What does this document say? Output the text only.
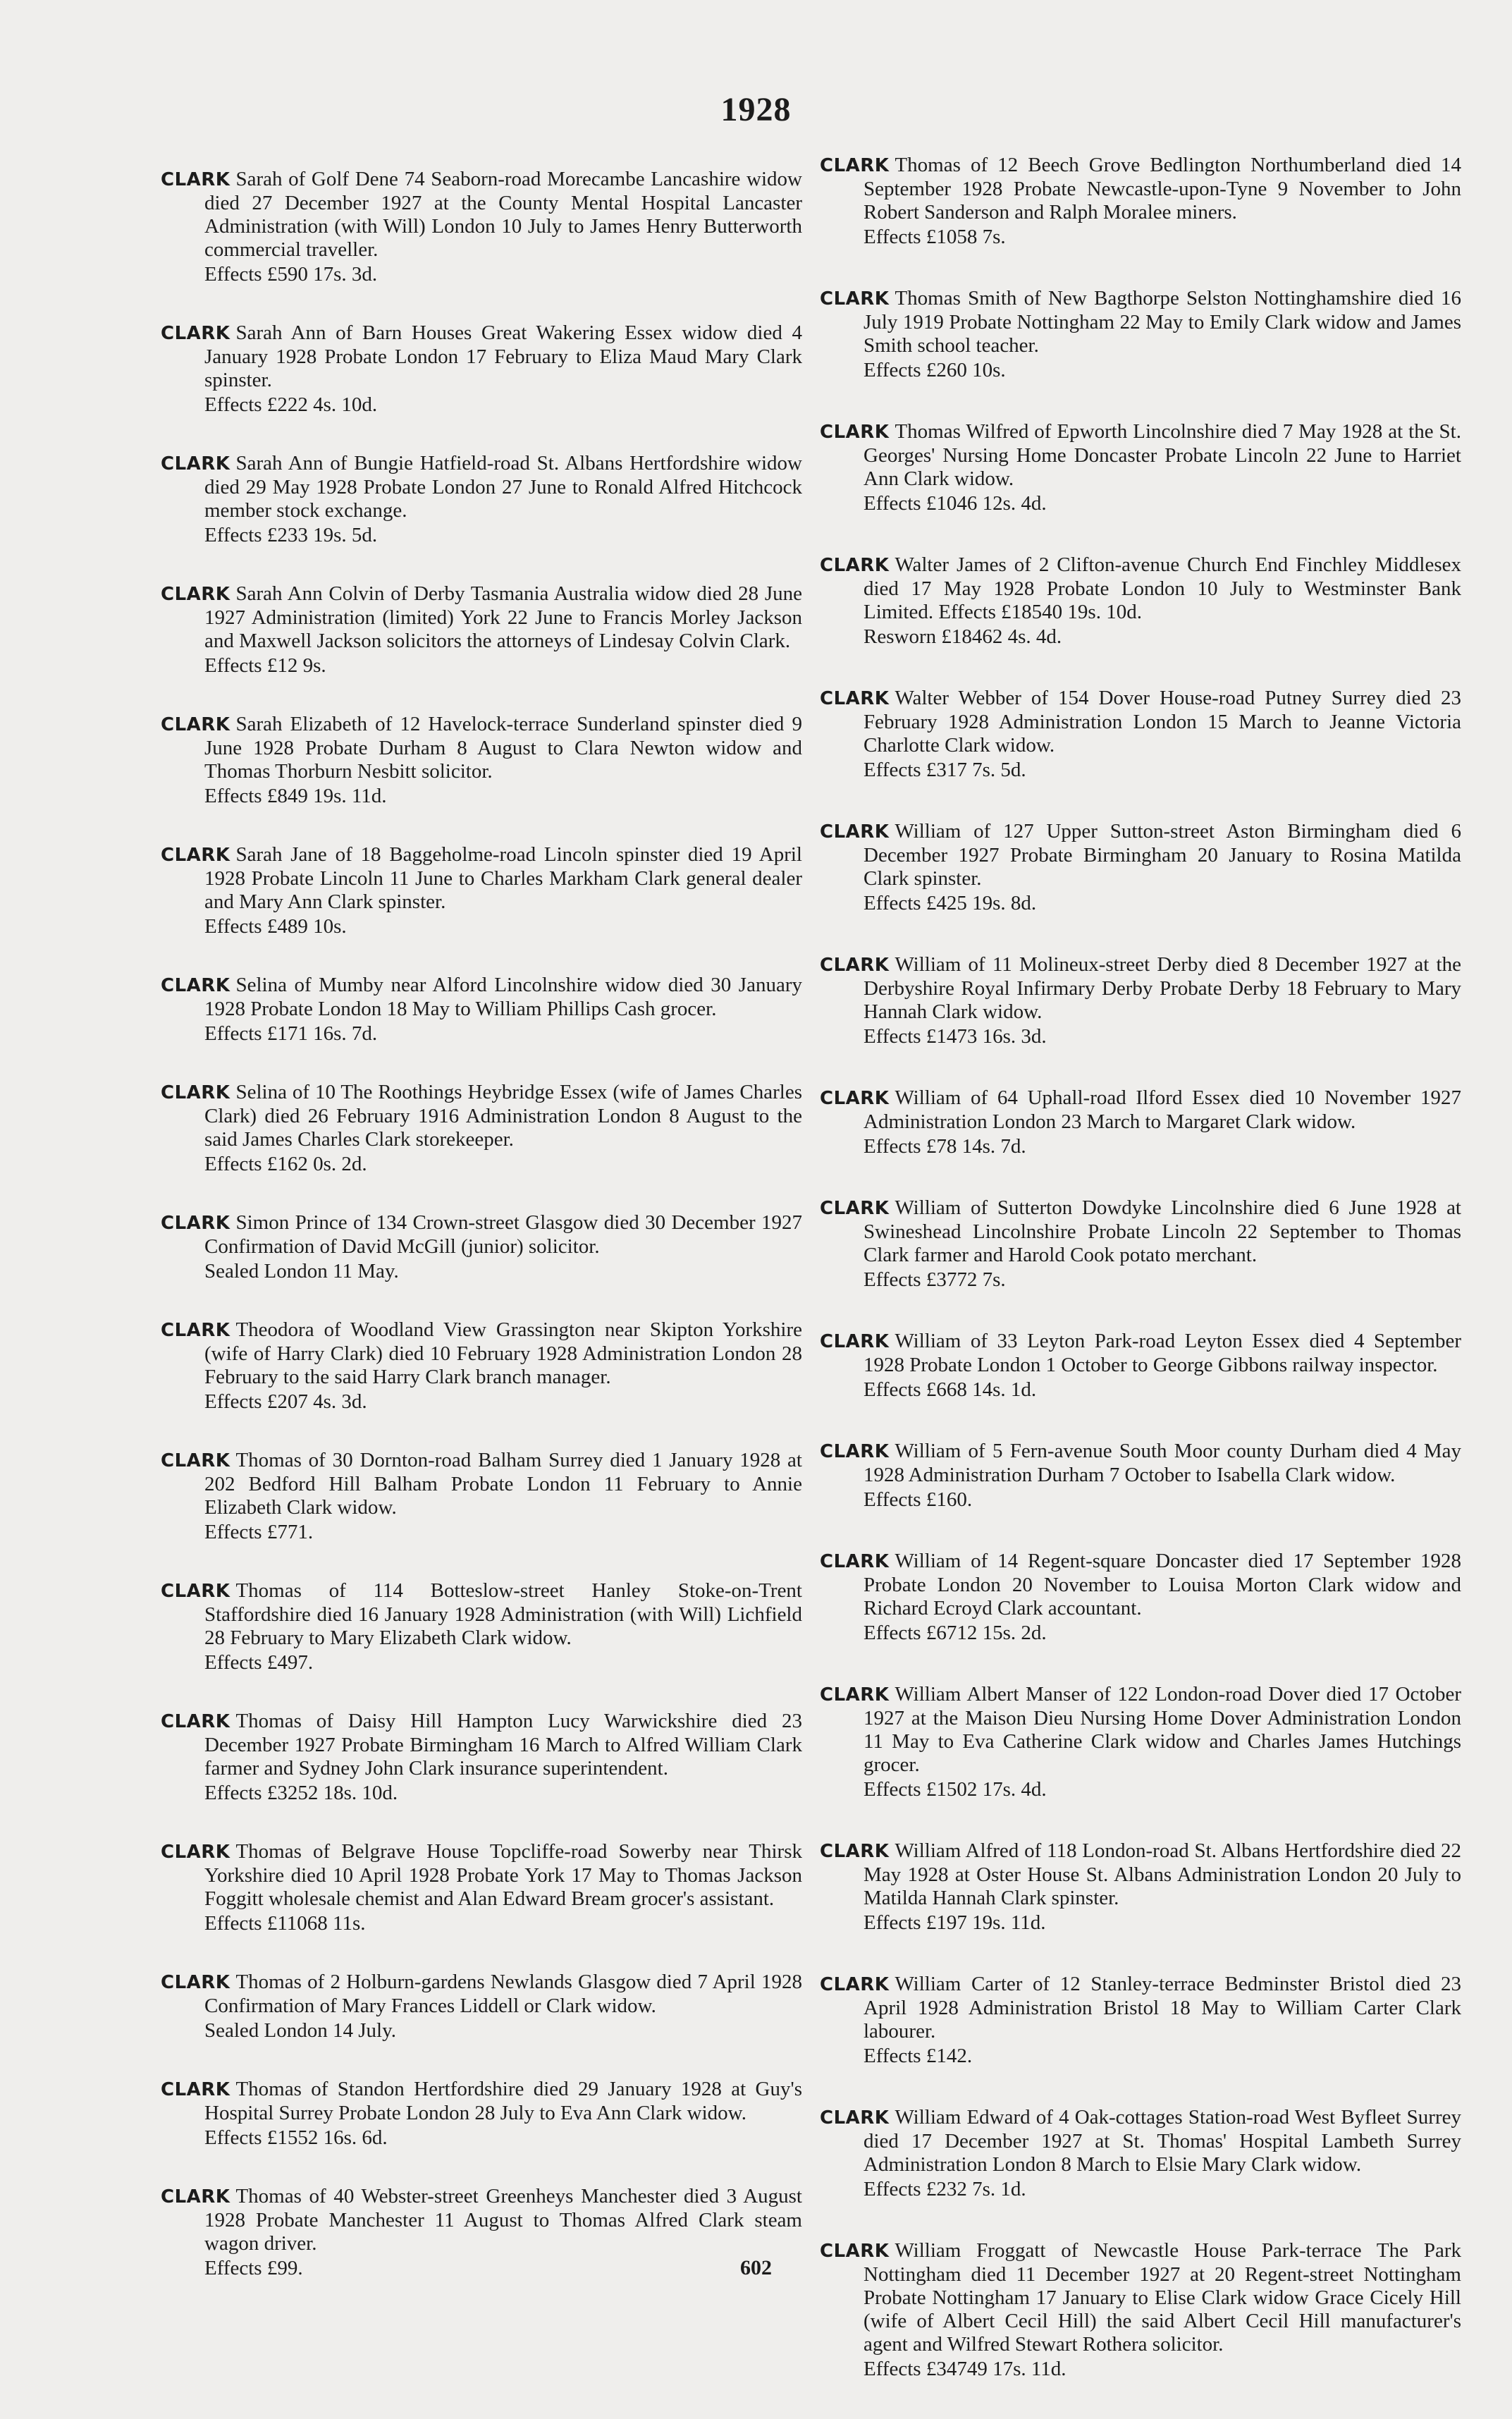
1928
CLARK Sarah of Golf Dene 74 Seaborn-road Morecambe Lancashire widow died 27 December 1927 at the County Mental Hospital Lancaster Administration (with Will) London 10 July to James Henry Butterworth commercial traveller.
Effects £590 17s. 3d.
CLARK Sarah Ann of Barn Houses Great Wakering Essex widow died 4 January 1928 Probate London 17 February to Eliza Maud Mary Clark spinster.
Effects £222 4s. 10d.
CLARK Sarah Ann of Bungie Hatfield-road St. Albans Hertfordshire widow died 29 May 1928 Probate London 27 June to Ronald Alfred Hitchcock member stock exchange.
Effects £233 19s. 5d.
CLARK Sarah Ann Colvin of Derby Tasmania Australia widow died 28 June 1927 Administration (limited) York 22 June to Francis Morley Jackson and Maxwell Jackson solicitors the attorneys of Lindesay Colvin Clark.
Effects £12 9s.
CLARK Sarah Elizabeth of 12 Havelock-terrace Sunderland spinster died 9 June 1928 Probate Durham 8 August to Clara Newton widow and Thomas Thorburn Nesbitt solicitor.
Effects £849 19s. 11d.
CLARK Sarah Jane of 18 Baggeholme-road Lincoln spinster died 19 April 1928 Probate Lincoln 11 June to Charles Markham Clark general dealer and Mary Ann Clark spinster.
Effects £489 10s.
CLARK Selina of Mumby near Alford Lincolnshire widow died 30 January 1928 Probate London 18 May to William Phillips Cash grocer.
Effects £171 16s. 7d.
CLARK Selina of 10 The Roothings Heybridge Essex (wife of James Charles Clark) died 26 February 1916 Administration London 8 August to the said James Charles Clark storekeeper.
Effects £162 0s. 2d.
CLARK Simon Prince of 134 Crown-street Glasgow died 30 December 1927 Confirmation of David McGill (junior) solicitor.
Sealed London 11 May.
CLARK Theodora of Woodland View Grassington near Skipton Yorkshire (wife of Harry Clark) died 10 February 1928 Administration London 28 February to the said Harry Clark branch manager.
Effects £207 4s. 3d.
CLARK Thomas of 30 Dornton-road Balham Surrey died 1 January 1928 at 202 Bedford Hill Balham Probate London 11 February to Annie Elizabeth Clark widow.
Effects £771.
CLARK Thomas of 114 Botteslow-street Hanley Stoke-on-Trent Staffordshire died 16 January 1928 Administration (with Will) Lichfield 28 February to Mary Elizabeth Clark widow.
Effects £497.
CLARK Thomas of Daisy Hill Hampton Lucy Warwickshire died 23 December 1927 Probate Birmingham 16 March to Alfred William Clark farmer and Sydney John Clark insurance superintendent.
Effects £3252 18s. 10d.
CLARK Thomas of Belgrave House Topcliffe-road Sowerby near Thirsk Yorkshire died 10 April 1928 Probate York 17 May to Thomas Jackson Foggitt wholesale chemist and Alan Edward Bream grocer's assistant.
Effects £11068 11s.
CLARK Thomas of 2 Holburn-gardens Newlands Glasgow died 7 April 1928 Confirmation of Mary Frances Liddell or Clark widow.
Sealed London 14 July.
CLARK Thomas of Standon Hertfordshire died 29 January 1928 at Guy's Hospital Surrey Probate London 28 July to Eva Ann Clark widow.
Effects £1552 16s. 6d.
CLARK Thomas of 40 Webster-street Greenheys Manchester died 3 August 1928 Probate Manchester 11 August to Thomas Alfred Clark steam wagon driver.
Effects £99.
CLARK Thomas of 12 Beech Grove Bedlington Northumberland died 14 September 1928 Probate Newcastle-upon-Tyne 9 November to John Robert Sanderson and Ralph Moralee miners.
Effects £1058 7s.
CLARK Thomas Smith of New Bagthorpe Selston Nottinghamshire died 16 July 1919 Probate Nottingham 22 May to Emily Clark widow and James Smith school teacher.
Effects £260 10s.
CLARK Thomas Wilfred of Epworth Lincolnshire died 7 May 1928 at the St. Georges' Nursing Home Doncaster Probate Lincoln 22 June to Harriet Ann Clark widow.
Effects £1046 12s. 4d.
CLARK Walter James of 2 Clifton-avenue Church End Finchley Middlesex died 17 May 1928 Probate London 10 July to Westminster Bank Limited. Effects £18540 19s. 10d.
Resworn £18462 4s. 4d.
CLARK Walter Webber of 154 Dover House-road Putney Surrey died 23 February 1928 Administration London 15 March to Jeanne Victoria Charlotte Clark widow.
Effects £317 7s. 5d.
CLARK William of 127 Upper Sutton-street Aston Birmingham died 6 December 1927 Probate Birmingham 20 January to Rosina Matilda Clark spinster.
Effects £425 19s. 8d.
CLARK William of 11 Molineux-street Derby died 8 December 1927 at the Derbyshire Royal Infirmary Derby Probate Derby 18 February to Mary Hannah Clark widow.
Effects £1473 16s. 3d.
CLARK William of 64 Uphall-road Ilford Essex died 10 November 1927 Administration London 23 March to Margaret Clark widow.
Effects £78 14s. 7d.
CLARK William of Sutterton Dowdyke Lincolnshire died 6 June 1928 at Swineshead Lincolnshire Probate Lincoln 22 September to Thomas Clark farmer and Harold Cook potato merchant.
Effects £3772 7s.
CLARK William of 33 Leyton Park-road Leyton Essex died 4 September 1928 Probate London 1 October to George Gibbons railway inspector.
Effects £668 14s. 1d.
CLARK William of 5 Fern-avenue South Moor county Durham died 4 May 1928 Administration Durham 7 October to Isabella Clark widow.
Effects £160.
CLARK William of 14 Regent-square Doncaster died 17 September 1928 Probate London 20 November to Louisa Morton Clark widow and Richard Ecroyd Clark accountant.
Effects £6712 15s. 2d.
CLARK William Albert Manser of 122 London-road Dover died 17 October 1927 at the Maison Dieu Nursing Home Dover Administration London 11 May to Eva Catherine Clark widow and Charles James Hutchings grocer.
Effects £1502 17s. 4d.
CLARK William Alfred of 118 London-road St. Albans Hertfordshire died 22 May 1928 at Oster House St. Albans Administration London 20 July to Matilda Hannah Clark spinster.
Effects £197 19s. 11d.
CLARK William Carter of 12 Stanley-terrace Bedminster Bristol died 23 April 1928 Administration Bristol 18 May to William Carter Clark labourer.
Effects £142.
CLARK William Edward of 4 Oak-cottages Station-road West Byfleet Surrey died 17 December 1927 at St. Thomas' Hospital Lambeth Surrey Administration London 8 March to Elsie Mary Clark widow.
Effects £232 7s. 1d.
CLARK William Froggatt of Newcastle House Park-terrace The Park Nottingham died 11 December 1927 at 20 Regent-street Nottingham Probate Nottingham 17 January to Elise Clark widow Grace Cicely Hill (wife of Albert Cecil Hill) the said Albert Cecil Hill manufacturer's agent and Wilfred Stewart Rothera solicitor.
Effects £34749 17s. 11d.
602
